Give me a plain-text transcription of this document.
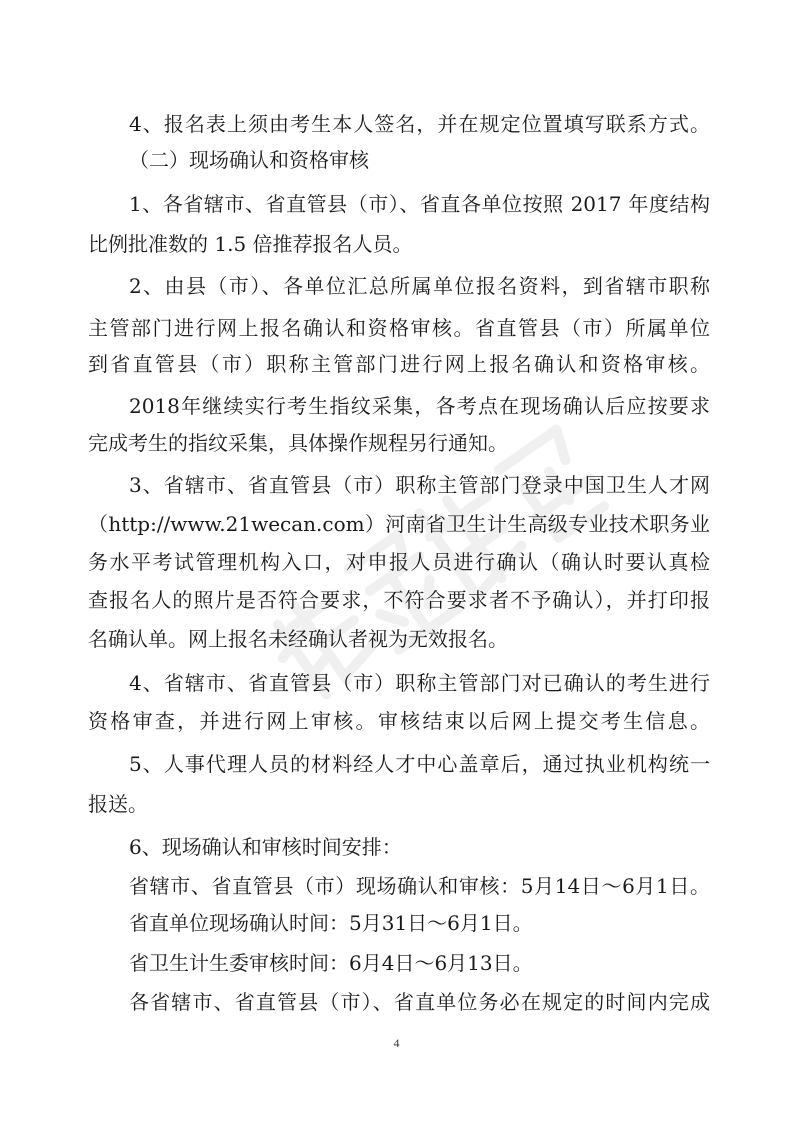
4、报名表上须由考生本人签名，并在规定位置填写联系方式。
（二）现场确认和资格审核
1、各省辖市、省直管县（市）、省直各单位按照 2017 年度结构
比例批准数的 1.5 倍推荐报名人员。
2、由县（市）、各单位汇总所属单位报名资料，到省辖市职称
主管部门进行网上报名确认和资格审核。省直管县（市）所属单位
到省直管县（市）职称主管部门进行网上报名确认和资格审核。
2018年继续实行考生指纹采集，各考点在现场确认后应按要求
完成考生的指纹采集，具体操作规程另行通知。
3、省辖市、省直管县（市）职称主管部门登录中国卫生人才网
（http://www.21wecan.com）河南省卫生计生高级专业技术职务业
务水平考试管理机构入口，对申报人员进行确认（确认时要认真检
查报名人的照片是否符合要求，不符合要求者不予确认），并打印报
名确认单。网上报名未经确认者视为无效报名。
4、省辖市、省直管县（市）职称主管部门对已确认的考生进行
资格审查，并进行网上审核。审核结束以后网上提交考生信息。
5、人事代理人员的材料经人才中心盖章后，通过执业机构统一
报送。
6、现场确认和审核时间安排：
省辖市、省直管县（市）现场确认和审核：5月14日～6月1日。
省直单位现场确认时间：5月31日～6月1日。
省卫生计生委审核时间：6月4日～6月13日。
各省辖市、省直管县（市）、省直单位务必在规定的时间内完成
4
